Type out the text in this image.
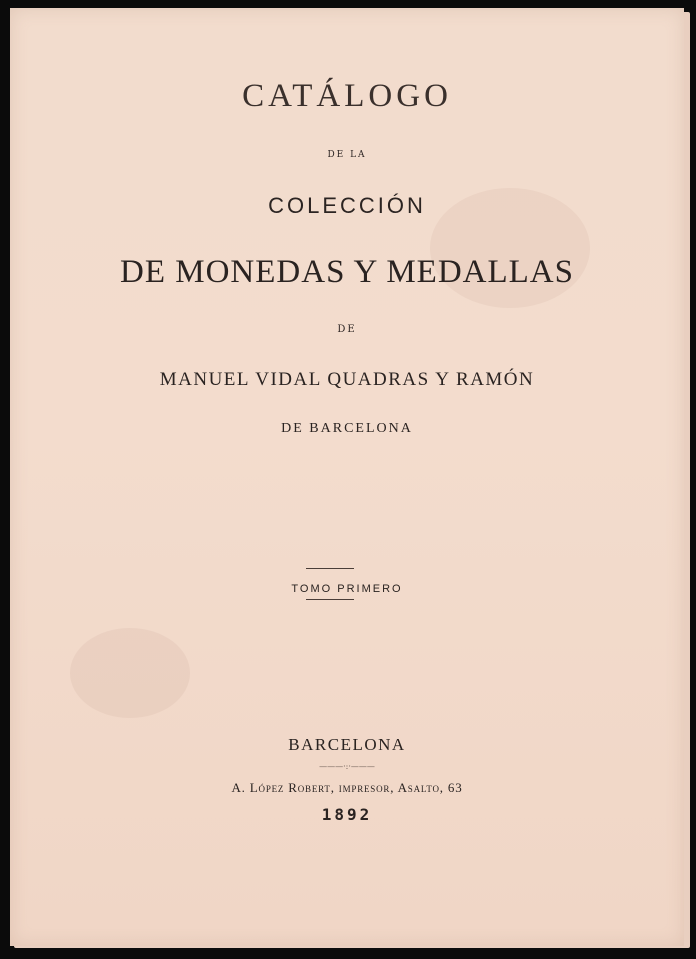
CATÁLOGO
DE LA
COLECCIÓN
DE MONEDAS Y MEDALLAS
DE
MANUEL VIDAL QUADRAS Y RAMÓN
DE BARCELONA
TOMO PRIMERO
BARCELONA
———·:·———
A. López Robert, impresor, Asalto, 63
1892
